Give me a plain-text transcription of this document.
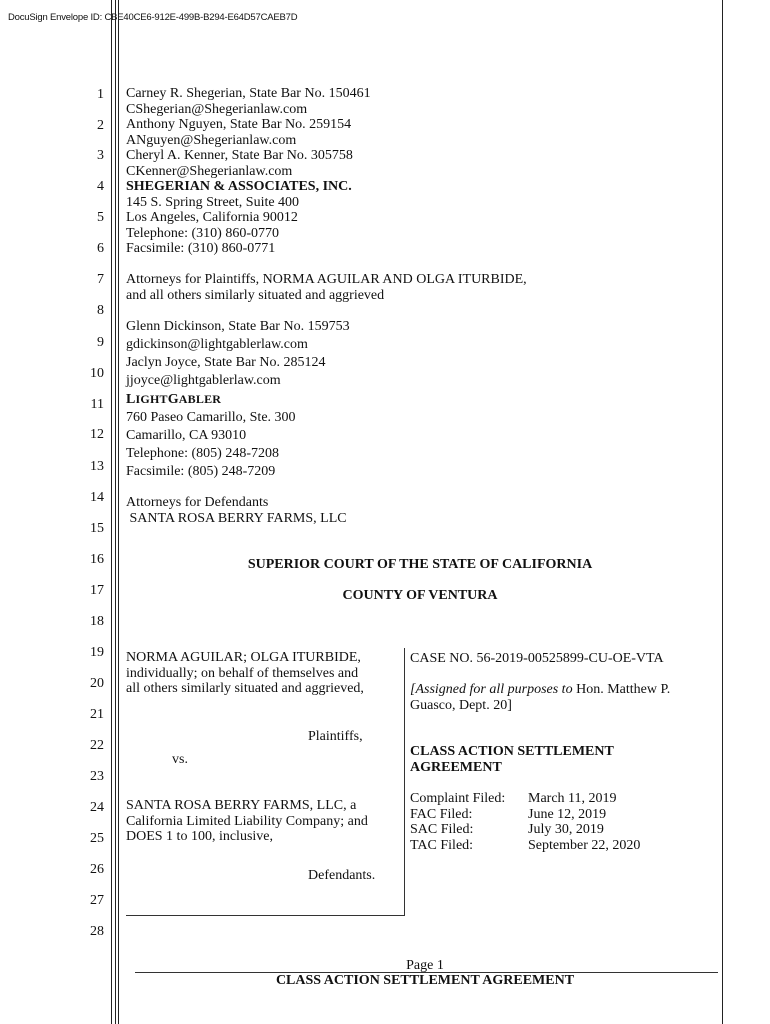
DocuSign Envelope ID: CBE40CE6-912E-499B-B294-E64D57CAEB7D
1
2
3
4
5
6
7
8
9
10
11
12
13
14
15
16
17
18
19
20
21
22
23
24
25
26
27
28
Carney R. Shegerian, State Bar No. 150461
CShegerian@Shegerianlaw.com
Anthony Nguyen, State Bar No. 259154
ANguyen@Shegerianlaw.com
Cheryl A. Kenner, State Bar No. 305758
CKenner@Shegerianlaw.com
SHEGERIAN & ASSOCIATES, INC.
145 S. Spring Street, Suite 400
Los Angeles, California 90012
Telephone: (310) 860-0770
Facsimile: (310) 860-0771
Attorneys for Plaintiffs, NORMA AGUILAR AND OLGA ITURBIDE,
and all others similarly situated and aggrieved
Glenn Dickinson, State Bar No. 159753
gdickinson@lightgablerlaw.com
Jaclyn Joyce, State Bar No. 285124
jjoyce@lightgablerlaw.com
LIGHTGABLER
760 Paseo Camarillo, Ste. 300
Camarillo, CA 93010
Telephone: (805) 248-7208
Facsimile: (805) 248-7209
Attorneys for Defendants
SANTA ROSA BERRY FARMS, LLC
SUPERIOR COURT OF THE STATE OF CALIFORNIA
COUNTY OF VENTURA
NORMA AGUILAR; OLGA ITURBIDE,
individually; on behalf of themselves and
all others similarly situated and aggrieved,
Plaintiffs,
vs.
SANTA ROSA BERRY FARMS, LLC, a
California Limited Liability Company; and
DOES 1 to 100, inclusive,
Defendants.
CASE NO. 56-2019-00525899-CU-OE-VTA
[Assigned for all purposes to Hon. Matthew P.
Guasco, Dept. 20]
CLASS ACTION SETTLEMENT
AGREEMENT
Complaint Filed:	March 11, 2019
FAC Filed:	June 12, 2019
SAC Filed:	July 30, 2019
TAC Filed:	September 22, 2020
Page 1
CLASS ACTION SETTLEMENT AGREEMENT
